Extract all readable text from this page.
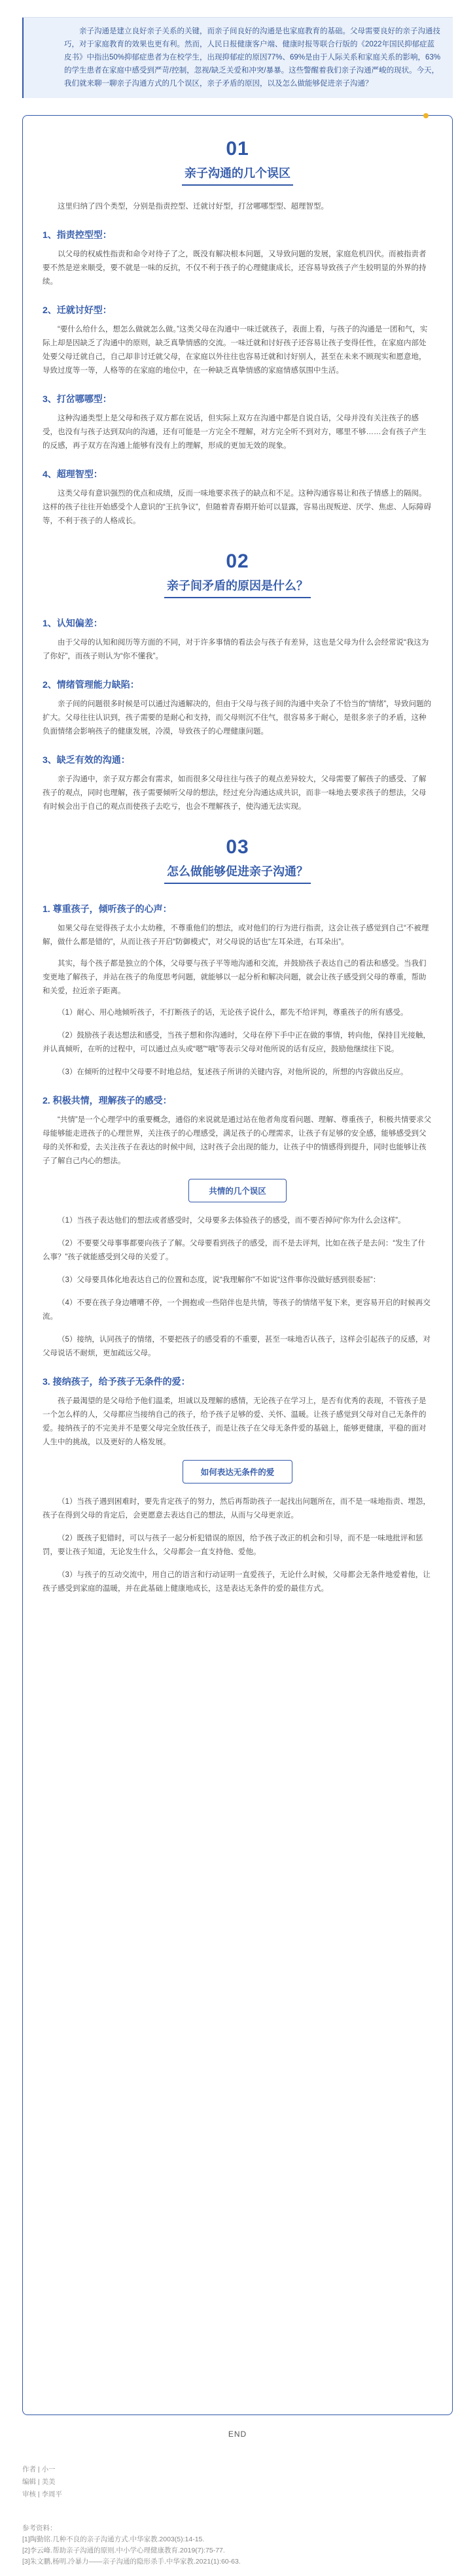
亲子沟通是建立良好亲子关系的关键，而亲子间良好的沟通是也家庭教育的基础。父母需要良好的亲子沟通技巧，对于家庭教育的效果也更有利。然而，人民日报健康客户端、健康时报等联合行版的《2022年国民抑郁症蓝皮书》中指出50%抑郁症患者为在校学生，出现抑郁症的原因77%、69%是由于人际关系和家庭关系的影响，63%的学生患者在家庭中感受到严苛/控制，忽视/缺乏关爱和冲突/暴暴。这些警醒着我们亲子沟通严峻的现状。今天，我们就来聊一聊亲子沟通方式的几个误区，亲子矛盾的原因，以及怎么做能够促进亲子沟通？

01
亲子沟通的几个误区

这里归纳了四个类型，分别是指责控型、迁就讨好型，打岔哪哪型型、超理智型。

1、指责控型型：

以父母的权威性指责和命令对待子了之，既没有解决根本问题，又导致问题的发展，家庭危机四伏。而被指责者要不然是逆来顺受，要不就是一味的反抗，不仅不利于孩子的心理健康成长，还容易导致孩子产生较明显的外界的持续。

2、迁就讨好型：

“要什么给什么，想怎么做就怎么做。”这类父母在沟通中一味迁就孩子，表面上看，与孩子的沟通是一团和气，实际上却是因缺乏了沟通中的原则，缺乏真挚情感的交流。一味迁就和讨好孩子还容易让孩子变得任性，在家庭内部处处要父母迁就自己，自己却非讨迁就父母，在家庭以外往往也容易迁就和讨好别人，甚至在未来不顾现实和愿意地，导致过度等一等，人格等的在家庭的地位中，在一种缺乏真挚情感的家庭情感氛围中生活。

3、打岔哪哪型：

这种沟通类型上是父母和孩子双方都在说话，但实际上双方在沟通中都是自说自话，父母并没有关注孩子的感受，也没有与孩子达到双向的沟通，还有可能是一方完全不理解，对方完全听不到对方，哪里不够……会有孩子产生的反感，再子双方在沟通上能够有没有上的理解，形成的更加无效的现象。

4、超理智型：

这类父母有意识强烈的优点和成绩，反而一味地要求孩子的缺点和不足。这种沟通容易让和孩子情感上的隔阂。这样的孩子往往开始感受个人意识的“王抗争议”，但随着青春期开始可以显露，容易出现叛逆、厌学、焦虑、人际障碍等，不利于孩子的人格成长。

02
亲子间矛盾的原因是什么？
1、认知偏差：

由于父母的认知和阅历等方面的不同，对于许多事情的看法会与孩子有差异，这也是父母为什么会经常说“我这为了你好”，而孩子则认为“你不懂我”。

2、情绪管理能力缺陷：

亲子间的问题很多时候是可以通过沟通解决的，但由于父母与孩子间的沟通中夹杂了不恰当的“情绪”，导致问题的扩大。父母往往认识到，孩子需要的是耐心和支持，而父母则沉不住气，很容易多于耐心，是很多亲子的矛盾，这种负面情绪会影响孩子的健康发展，冷漠，导致孩子的心理健康问题。

3、缺乏有效的沟通：

亲子沟通中，亲子双方都会有需求，如而很多父母往往与孩子的观点差异较大，父母需要了解孩子的感受、了解孩子的观点，同时也理解，孩子需要倾听父母的想法，经过充分沟通达成共识，而非一味地去要求孩子的想法，父母有时候会出于自己的观点而使孩子去吃亏，也会不理解孩子，使沟通无法实现。

03
怎么做能够促进亲子沟通？
1. 尊重孩子，倾听孩子的心声：

如果父母在觉得孩子太小太幼稚，不尊重他们的想法，或对他们的行为进行指责，这会让孩子感觉到自己“不被理解，做什么都是错的”，从而让孩子开启“防御模式”，对父母说的话也“左耳朵进，右耳朵出”。

其实，每个孩子都是独立的个体，父母要与孩子平等地沟通和交流，并鼓励孩子表达自己的看法和感受。当我们变更地了解孩子，并站在孩子的角度思考问题，就能够以一起分析和解决问题，就会让孩子感受到父母的尊重，帮助和关爱，拉近亲子距离。

（1）耐心、用心地倾听孩子，不打断孩子的话，无论孩子说什么，都先不给评判，尊重孩子的所有感受。

（2）鼓励孩子表达想法和感受，当孩子想和你沟通时，父母在停下手中正在做的事情，转向他，保持目光接触，并认真倾听，在听的过程中，可以通过点头或“嗯”“哦”等表示父母对他所说的话有反应，鼓励他继续往下说。

（3）在倾听的过程中父母要不时地总结，复述孩子所讲的关键内容，对他所说的，所想的内容做出反应。

2. 积极共情，理解孩子的感受：

“共情”是一个心理学中的重要概念，通俗的来说就是通过站在他者角度看问题、理解、尊重孩子，积极共情要求父母能够能走进孩子的心理世界，关注孩子的心理感受，满足孩子的心理需求，让孩子有足够的安全感，能够感受到父母的关怀和爱，去关注孩子在表达的时候中间，这时孩子会出现的能力，让孩子中的情感得到提升，同时也能够让孩子了解自己内心的想法。

共情的几个误区

（1）当孩子表达他们的想法或者感受时，父母要多去体验孩子的感受，而不要否掉问“你为什么会这样”。

（2）不要要父母事事都要向孩子了解。父母要看到孩子的感受，而不是去评判，比如在孩子是去问：“发生了什么事？”孩子就能感受到父母的关爱了。

（3）父母要具体化地表达自己的位置和态度，说“我理解你”不如说“这件事你没做好感到很委屈”：

（4）不要在孩子身边嘈嘈不停，一个拥抱或一些陪伴也是共情，等孩子的情绪平复下来，更容易开启的时候再交流。

（5）接纳，认同孩子的情绪，不要把孩子的感受看的不重要，甚至一味地否认孩子，这样会引起孩子的反感，对父母说话不耐烦，更加疏远父母。

3. 接纳孩子，给予孩子无条件的爱：

孩子最渴望的是父母给予他们温柔，坦诚以及理解的感情，无论孩子在学习上，是否有优秀的表现，不管孩子是一个怎么样的人，父母都应当接纳自己的孩子，给予孩子足够的爱、关怀、温暖。让孩子感觉到父母对自己无条件的爱。接纳孩子的不完美并不是要父母完全放任孩子，而是让孩子在父母无条件爱的基础上，能够更健康，平稳的面对人生中的挑战，以及更好的人格发展。

如何表达无条件的爱

（1）当孩子遇到困难时，要先肯定孩子的努力，然后再帮助孩子一起找出问题所在，而不是一味地指责、埋怨，孩子在得到父母的肯定后，会更愿意去表达自己的想法，从而与父母更亲近。

（2）既孩子犯错时，可以与孩子一起分析犯错误的原因，给予孩子改正的机会和引导，而不是一味地批评和惩罚，要让孩子知道，无论发生什么，父母都会一直支持他、爱他。

（3）与孩子的互动交流中，用自己的语言和行动证明一直爱孩子，无论什么时候，父母都会无条件地爱着他，让孩子感受到家庭的温暖，并在此基础上健康地成长，这是表达无条件的爱的最佳方式。

END
作者 | 小一
编辑 | 美美
审核 | 李周平
参考资料：
[1]陶勤铭.几种不良的亲子沟通方式.中华家教.2003(5):14-15.
[2]李云峰.帮助亲子沟通的原则.中小学心理健康教育.2019(7):75-77.
[3]朱文鹏,杨明.冷暴力——亲子沟通的隐形杀手.中华家教.2021(1):60-63.
